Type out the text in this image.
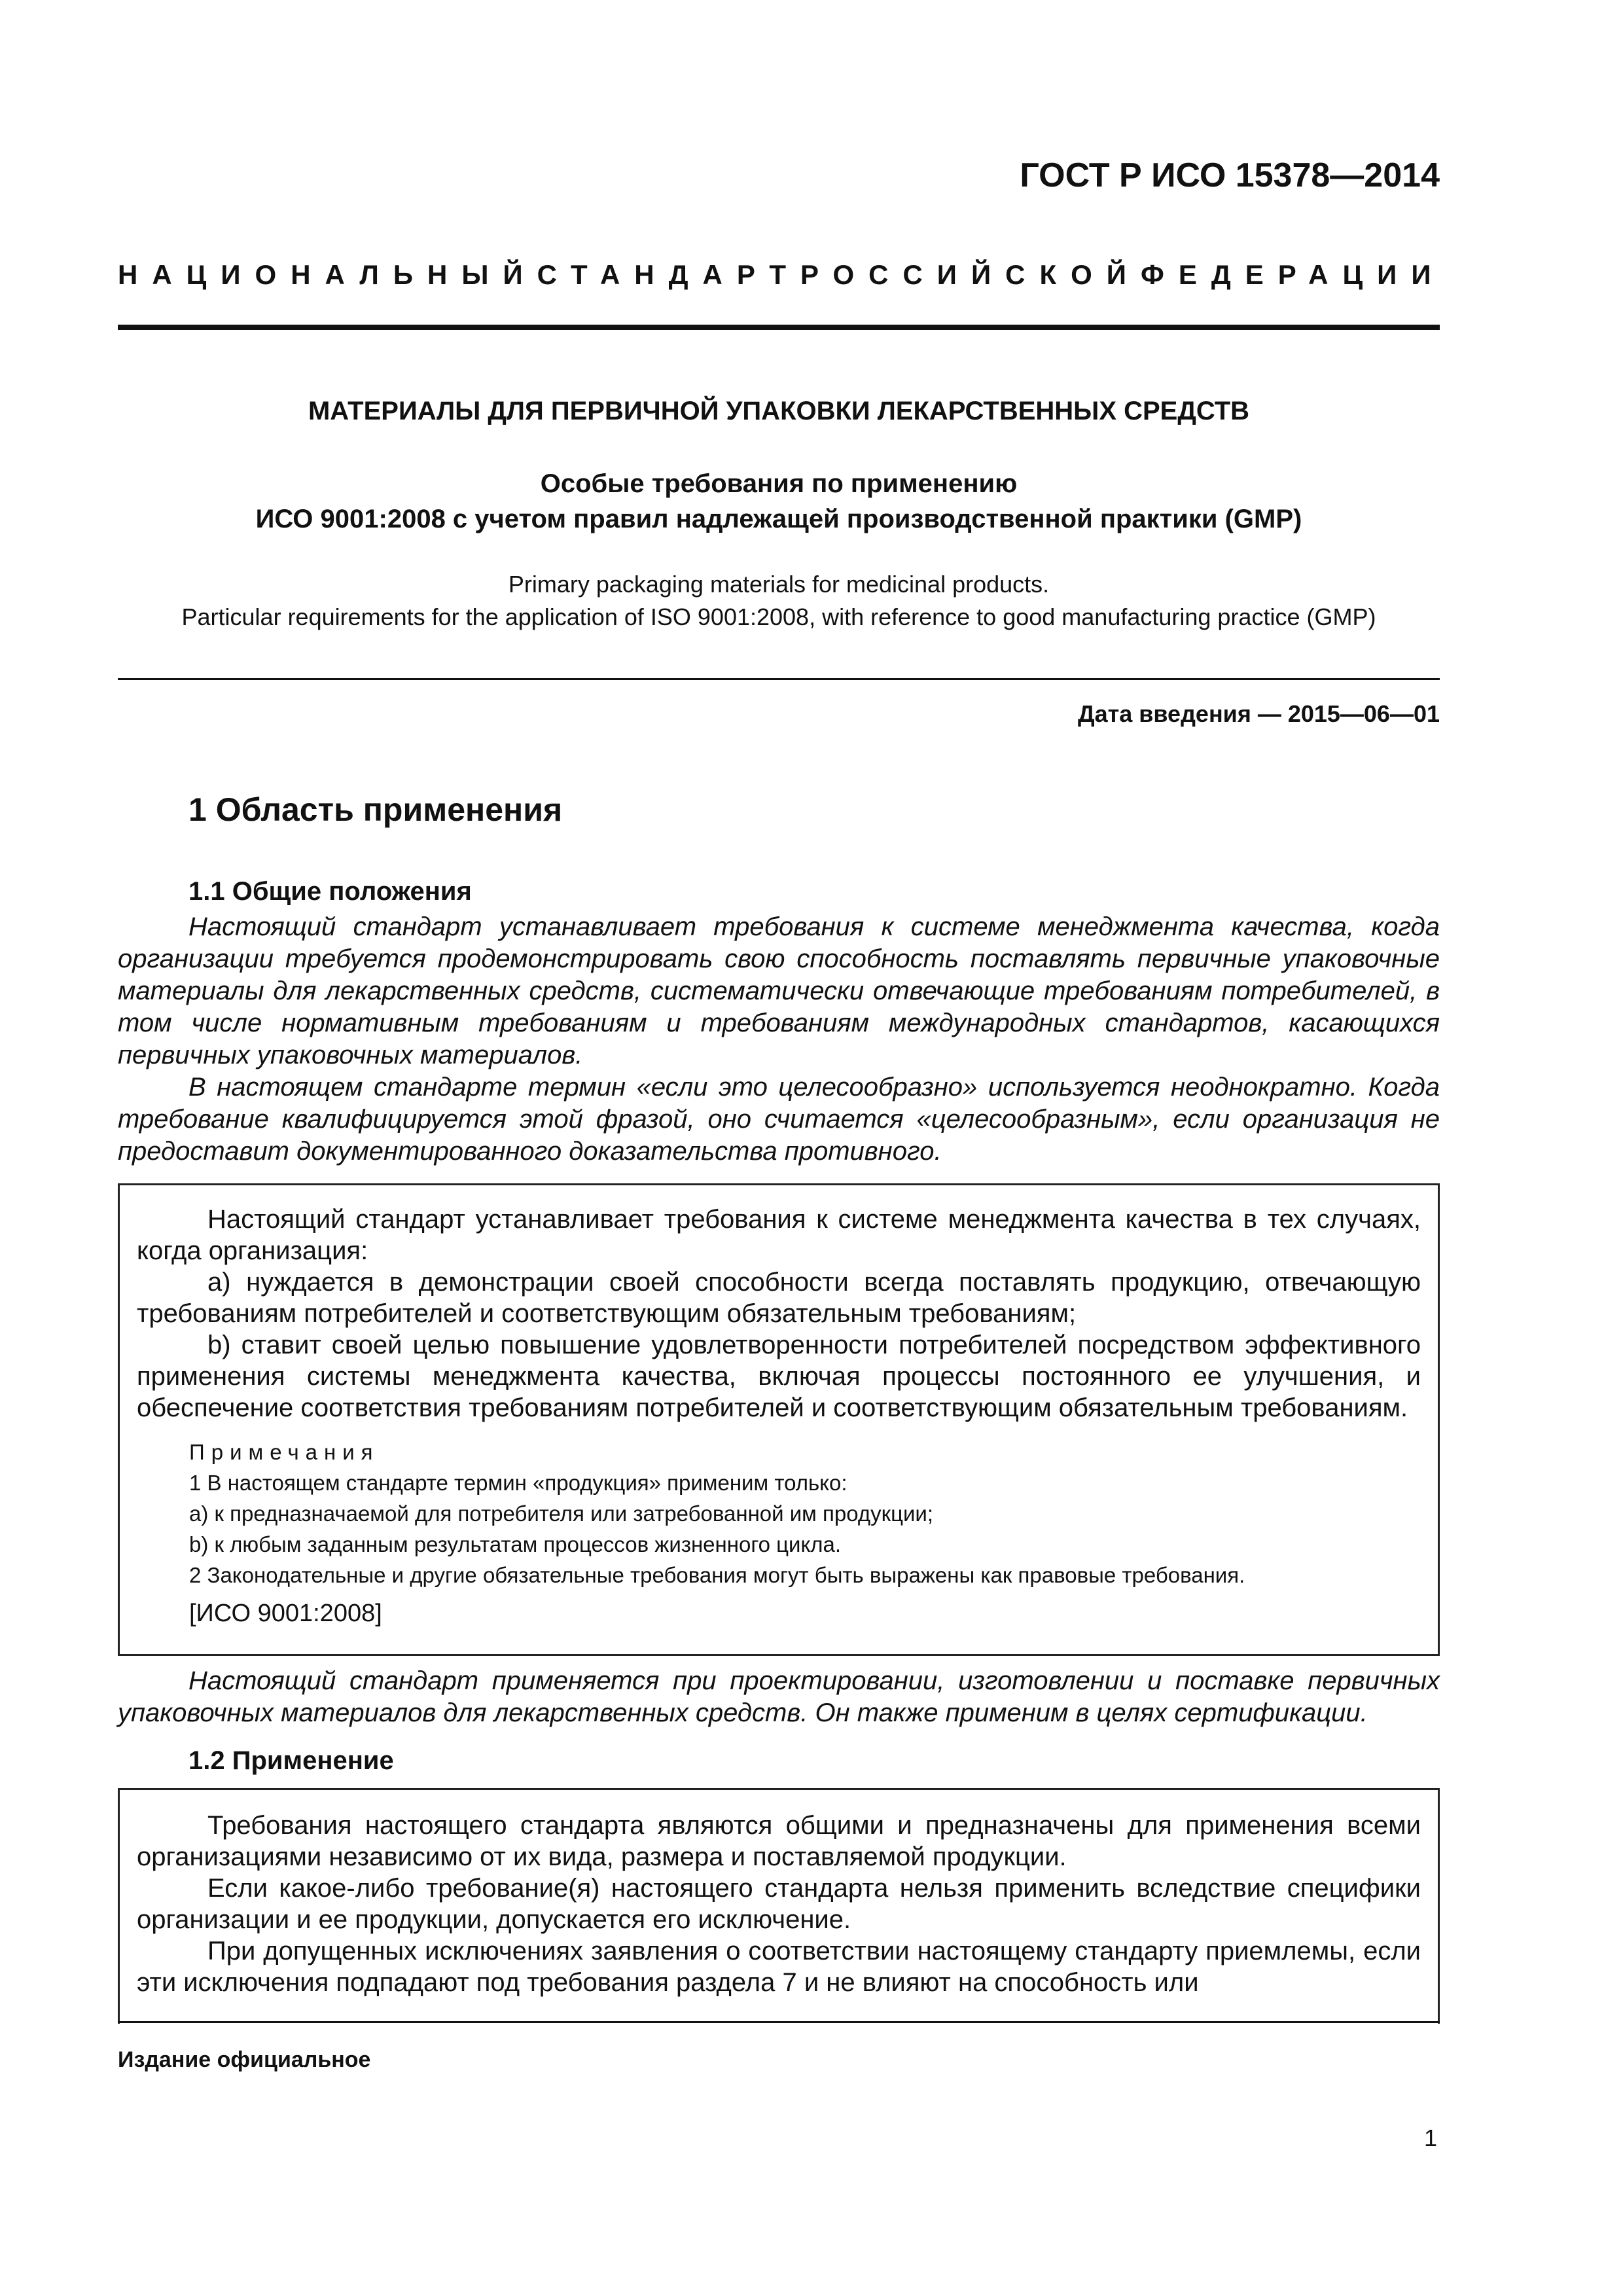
ГОСТ Р ИСО 15378—2014
НАЦИОНАЛЬНЫЙ СТАНДАРТ РОССИЙСКОЙ ФЕДЕРАЦИИ
МАТЕРИАЛЫ ДЛЯ ПЕРВИЧНОЙ УПАКОВКИ ЛЕКАРСТВЕННЫХ СРЕДСТВ
Особые требования по применению
ИСО 9001:2008 с учетом правил надлежащей производственной практики (GMP)
Primary packaging materials for medicinal products.
Particular requirements for the application of ISO 9001:2008, with reference to good manufacturing practice (GMP)
Дата введения — 2015—06—01
1 Область применения
1.1 Общие положения

Настоящий стандарт устанавливает требования к системе менеджмента качества, когда организации требуется продемонстрировать свою способность поставлять первичные упаковочные материалы для лекарственных средств, систематически отвечающие требованиям потребителей, в том числе нормативным требованиям и требованиям международных стандартов, касающихся первичных упаковочных материалов.

В настоящем стандарте термин «если это целесообразно» используется неоднократно. Когда требование квалифицируется этой фразой, оно считается «целесообразным», если организация не предоставит документированного доказательства противного.

Настоящий стандарт устанавливает требования к системе менеджмента качества в тех случаях, когда организация:

a) нуждается в демонстрации своей способности всегда поставлять продукцию, отвечающую требованиям потребителей и соответствующим обязательным требованиям;

b) ставит своей целью повышение удовлетворенности потребителей посредством эффективного применения системы менеджмента качества, включая процессы постоянного ее улучшения, и обеспечение соответствия требованиям потребителей и соответствующим обязательным требованиям.

Примечания
1 В настоящем стандарте термин «продукция» применим только:
a) к предназначаемой для потребителя или затребованной им продукции;
b) к любым заданным результатам процессов жизненного цикла.
2 Законодательные и другие обязательные требования могут быть выражены как правовые требования.
[ИСО 9001:2008]

Настоящий стандарт применяется при проектировании, изготовлении и поставке первичных упаковочных материалов для лекарственных средств. Он также применим в целях сертификации.

1.2 Применение

Требования настоящего стандарта являются общими и предназначены для применения всеми организациями независимо от их вида, размера и поставляемой продукции.

Если какое-либо требование(я) настоящего стандарта нельзя применить вследствие специфики организации и ее продукции, допускается его исключение.

При допущенных исключениях заявления о соответствии настоящему стандарту приемлемы, если эти исключения подпадают под требования раздела 7 и не влияют на способность или

Издание официальное
1
